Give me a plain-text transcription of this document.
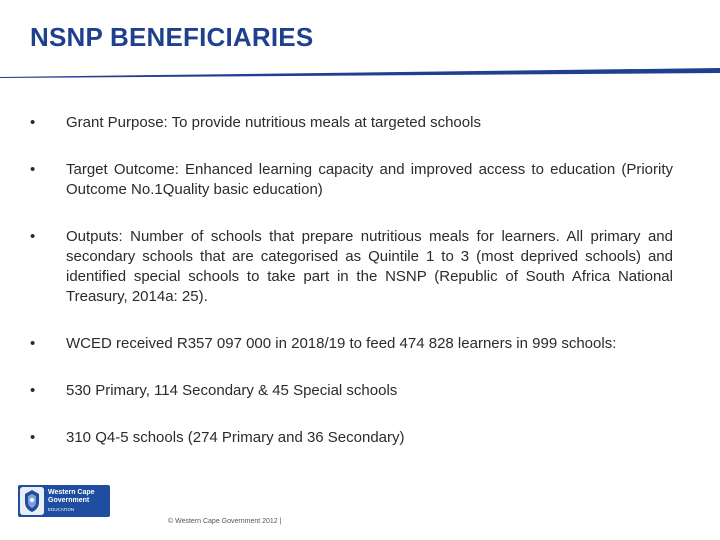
NSNP BENEFICIARIES
•	Grant Purpose: To provide nutritious meals at targeted schools
•	Target Outcome: Enhanced learning capacity and improved access to education (Priority Outcome No.1Quality basic education)
•	Outputs: Number of schools that prepare nutritious meals for learners. All primary and secondary schools that are categorised as Quintile 1 to 3 (most deprived schools) and identified special schools to take part in the NSNP (Republic of South Africa National Treasury, 2014a: 25).
•	WCED received R357 097 000 in 2018/19 to feed 474 828 learners in 999 schools:
•	530 Primary, 114 Secondary & 45 Special schools
•	310 Q4-5 schools (274 Primary and 36 Secondary)
Western Cape
Government
EDUCATION
© Western Cape Government 2012 |
